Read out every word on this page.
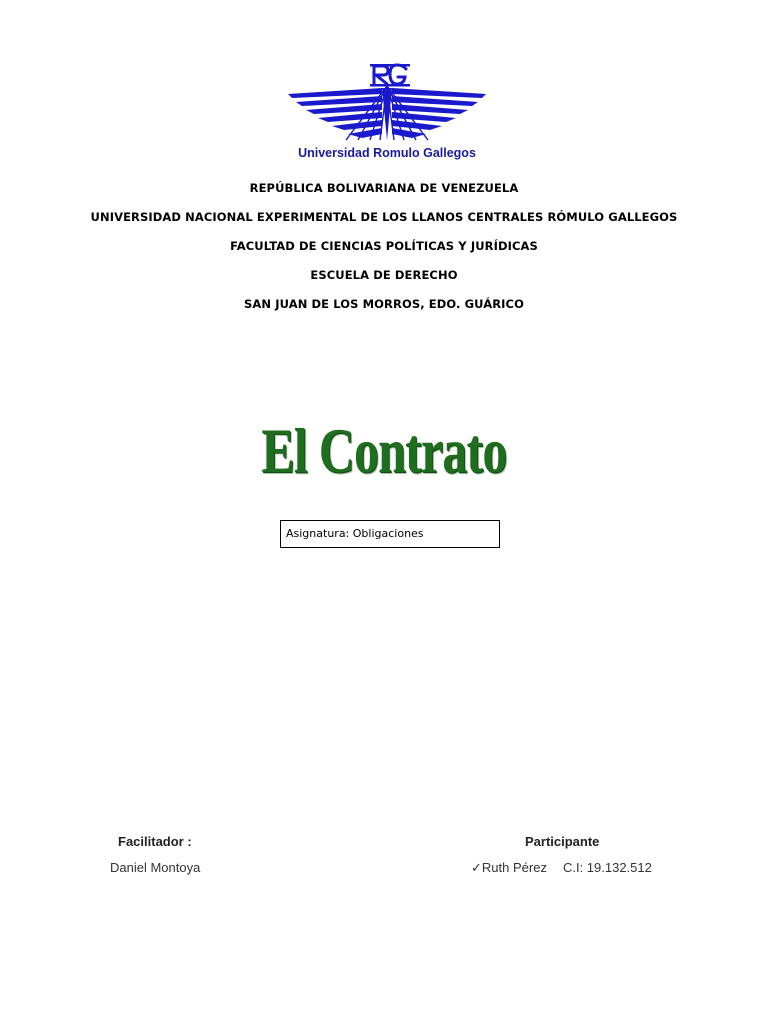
Universidad Romulo Gallegos
REPÚBLICA BOLIVARIANA DE VENEZUELA
UNIVERSIDAD NACIONAL EXPERIMENTAL DE LOS LLANOS CENTRALES RÓMULO GALLEGOS
FACULTAD DE CIENCIAS POLÍTICAS Y JURÍDICAS
ESCUELA DE DERECHO
SAN JUAN DE LOS MORROS, EDO. GUÁRICO
El Contrato
Asignatura: Obligaciones
Facilitador :
Daniel Montoya
Participante
✓Ruth Pérez C.I: 19.132.512
